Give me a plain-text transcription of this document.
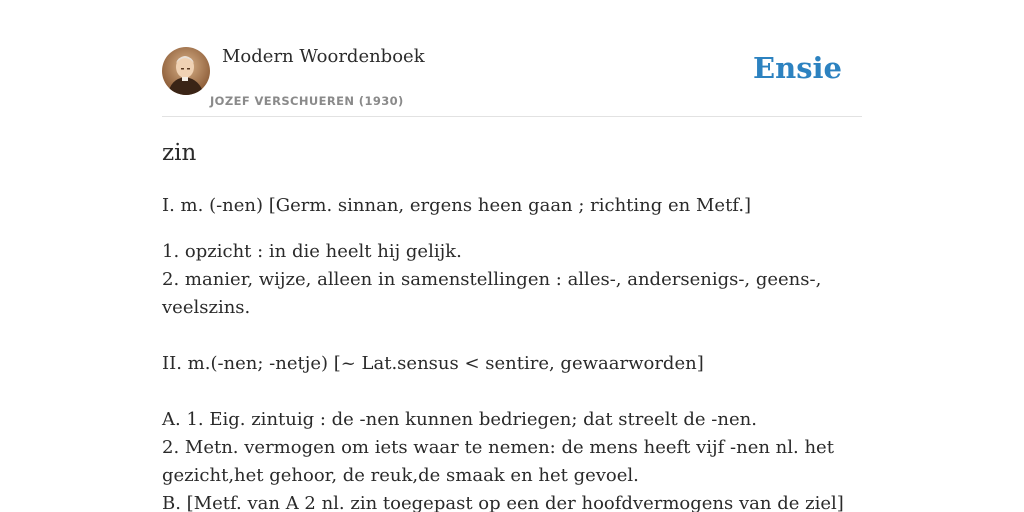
Modern Woordenboek
JOZEF VERSCHUEREN (1930)
Ensie
zin

I. m. (-nen) [Germ. sinnan, ergens heen gaan ; richting en Metf.]

1. opzicht : in die heelt hij gelijk.

2. manier, wijze, alleen in samenstellingen : alles-, andersenigs-, geens-,

veelszins.

II. m.(-nen; -netje) [~ Lat.sensus < sentire, gewaarworden]

A. 1. Eig. zintuig : de -nen kunnen bedriegen; dat streelt de -nen.

2. Metn. vermogen om iets waar te nemen: de mens heeft vijf -nen nl. het

gezicht,het gehoor, de reuk,de smaak en het gevoel.

B. [Metf. van A 2 nl. zin toegepast op een der hoofdvermogens van de ziel]
